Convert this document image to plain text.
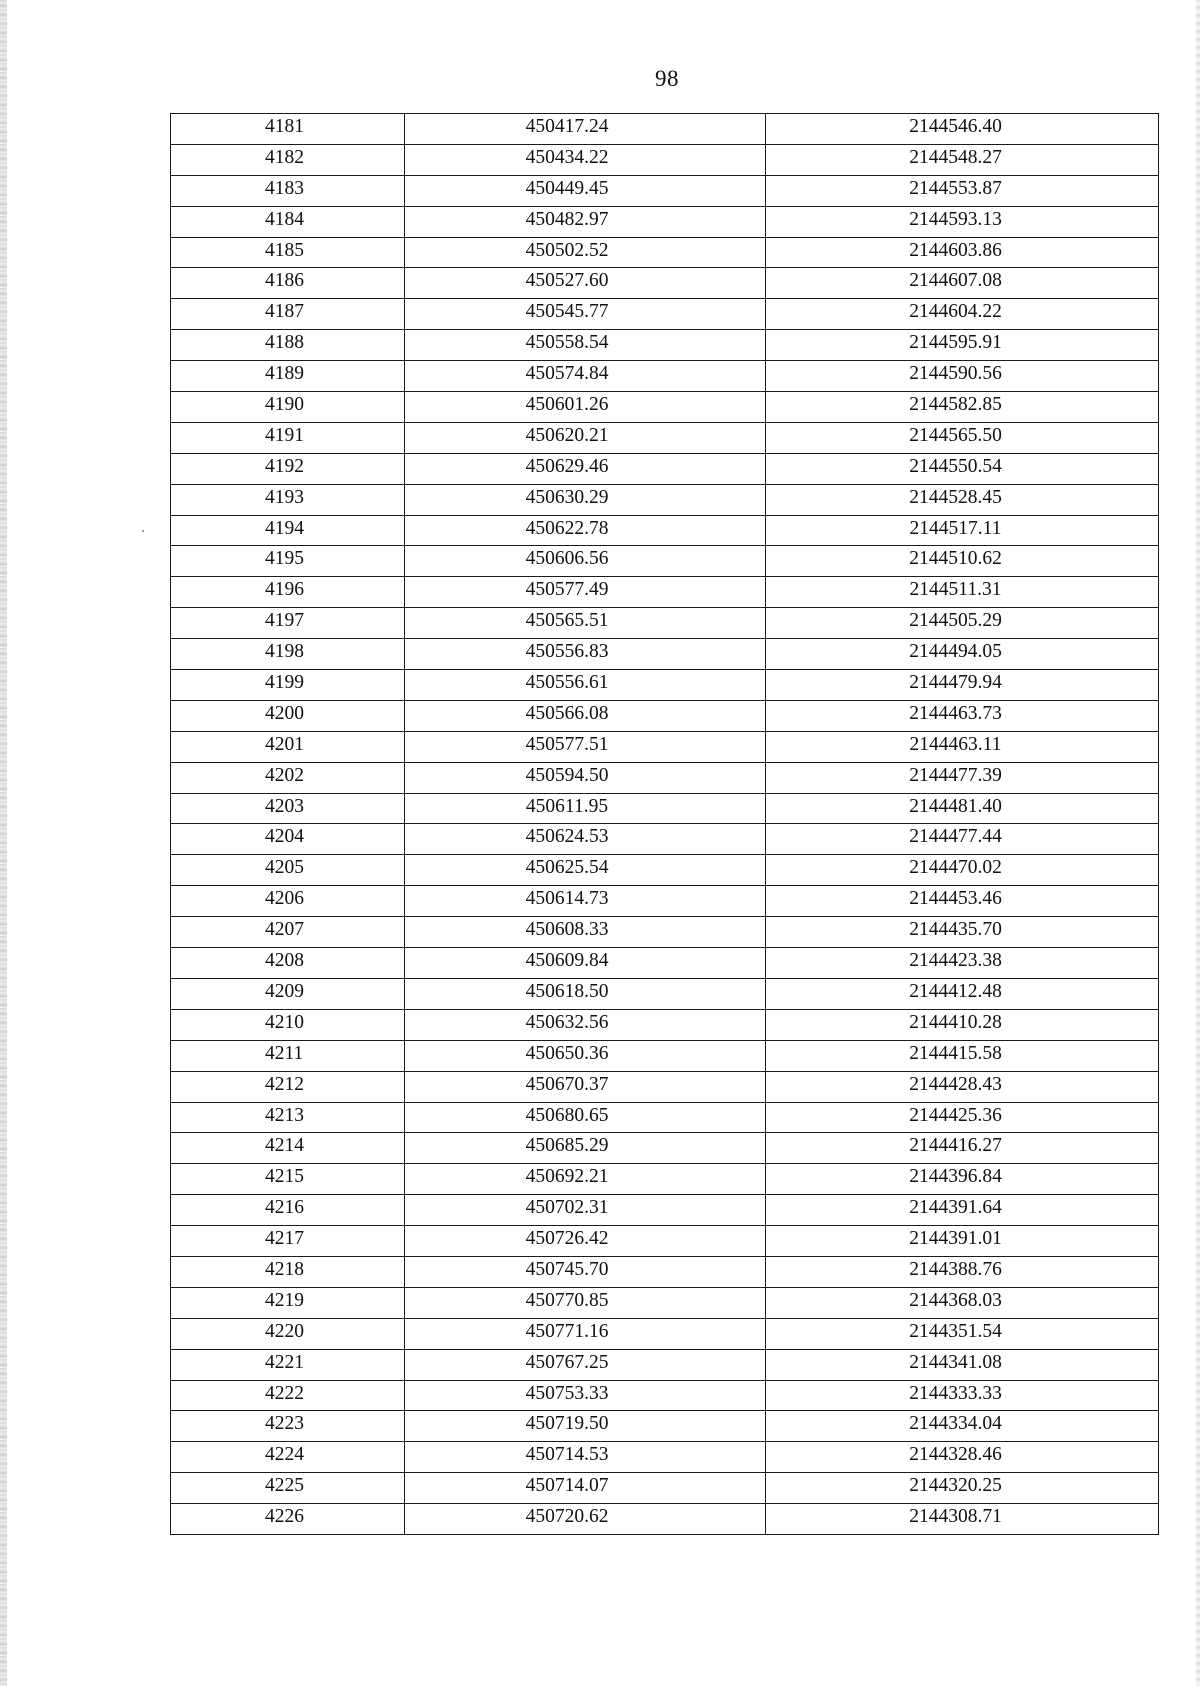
98
4181	450417.24	2144546.40
4182	450434.22	2144548.27
4183	450449.45	2144553.87
4184	450482.97	2144593.13
4185	450502.52	2144603.86
4186	450527.60	2144607.08
4187	450545.77	2144604.22
4188	450558.54	2144595.91
4189	450574.84	2144590.56
4190	450601.26	2144582.85
4191	450620.21	2144565.50
4192	450629.46	2144550.54
4193	450630.29	2144528.45
4194	450622.78	2144517.11
4195	450606.56	2144510.62
4196	450577.49	2144511.31
4197	450565.51	2144505.29
4198	450556.83	2144494.05
4199	450556.61	2144479.94
4200	450566.08	2144463.73
4201	450577.51	2144463.11
4202	450594.50	2144477.39
4203	450611.95	2144481.40
4204	450624.53	2144477.44
4205	450625.54	2144470.02
4206	450614.73	2144453.46
4207	450608.33	2144435.70
4208	450609.84	2144423.38
4209	450618.50	2144412.48
4210	450632.56	2144410.28
4211	450650.36	2144415.58
4212	450670.37	2144428.43
4213	450680.65	2144425.36
4214	450685.29	2144416.27
4215	450692.21	2144396.84
4216	450702.31	2144391.64
4217	450726.42	2144391.01
4218	450745.70	2144388.76
4219	450770.85	2144368.03
4220	450771.16	2144351.54
4221	450767.25	2144341.08
4222	450753.33	2144333.33
4223	450719.50	2144334.04
4224	450714.53	2144328.46
4225	450714.07	2144320.25
4226	450720.62	2144308.71
